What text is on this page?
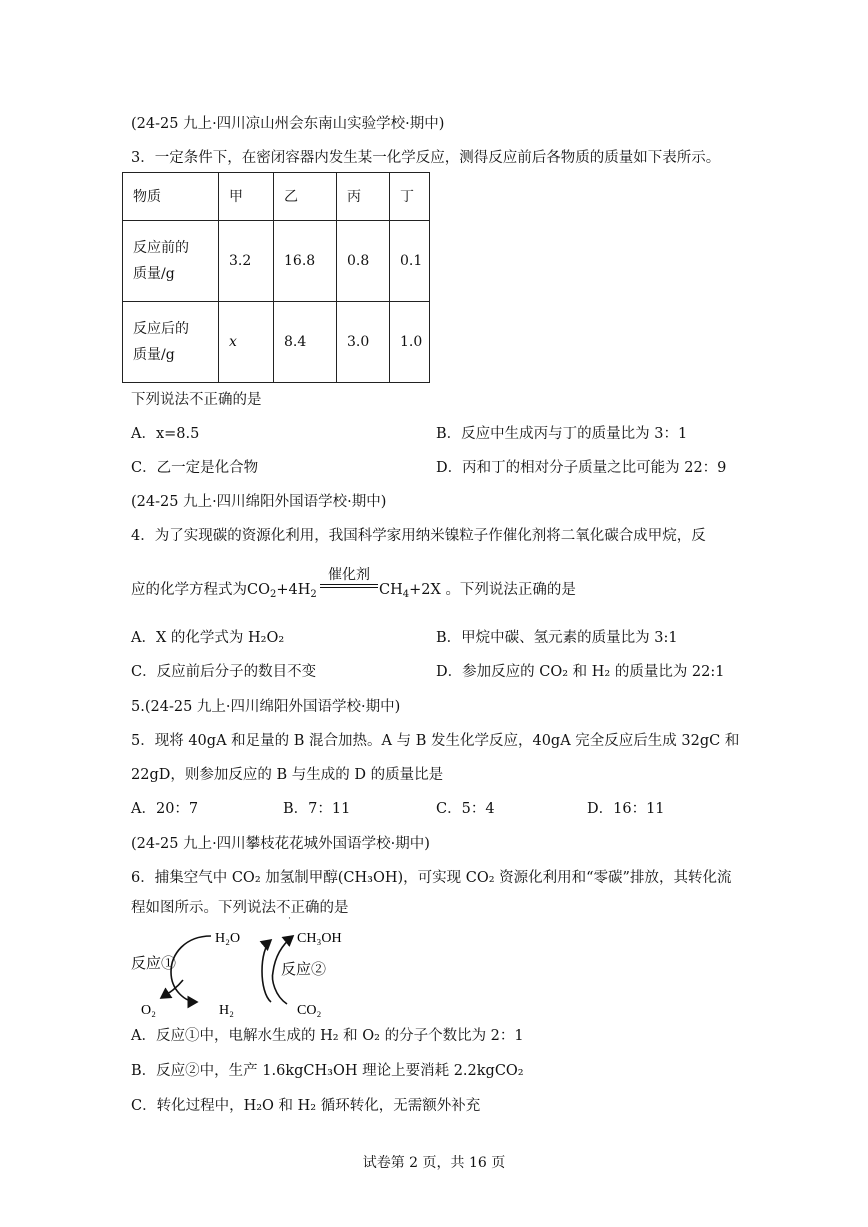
(24-25 九上·四川凉山州会东南山实验学校·期中)
3．一定条件下，在密闭容器内发生某一化学反应，测得反应前后各物质的质量如下表所示。
物质	甲	乙	丙	丁
反应前的
质量/g	3.2	16.8	0.8	0.1
反应后的
质量/g	x	8.4	3.0	1.0
下列说法不正确的是
A．x=8.5	B．反应中生成丙与丁的质量比为 3：1
C．乙一定是化合物	D．丙和丁的相对分子质量之比可能为 22：9
(24-25 九上·四川绵阳外国语学校·期中)
4．为了实现碳的资源化利用，我国科学家用纳米镍粒子作催化剂将二氧化碳合成甲烷，反
应的化学方程式为$CO_2+4H_2$
催化剂
$CH_4+2X$ 。下列说法正确的是
A．X 的化学式为 H₂O₂	B．甲烷中碳、氢元素的质量比为 3:1
C．反应前后分子的数目不变	D．参加反应的 CO₂ 和 H₂ 的质量比为 22:1
5.(24-25 九上·四川绵阳外国语学校·期中)
5．现将 40gA 和足量的 B 混合加热。A 与 B 发生化学反应，40gA 完全反应后生成 32gC 和
22gD，则参加反应的 B 与生成的 D 的质量比是
A．20：7	B．7：11	C．5：4	D．16：11
(24-25 九上·四川攀枝花花城外国语学校·期中)
6．捕集空气中 CO₂ 加氢制甲醇(CH₃OH)，可实现 CO₂ 资源化利用和“零碳”排放，其转化流
程如图所示。下列说法不正确的是
˙
H₂O	CH₃OH
反应①	反应②
O₂	H₂	CO₂
A．反应①中，电解水生成的 H₂ 和 O₂ 的分子个数比为 2：1
B．反应②中，生产 1.6kgCH₃OH 理论上要消耗 2.2kgCO₂
C．转化过程中，H₂O 和 H₂ 循环转化，无需额外补充
试卷第 2 页，共 16 页
